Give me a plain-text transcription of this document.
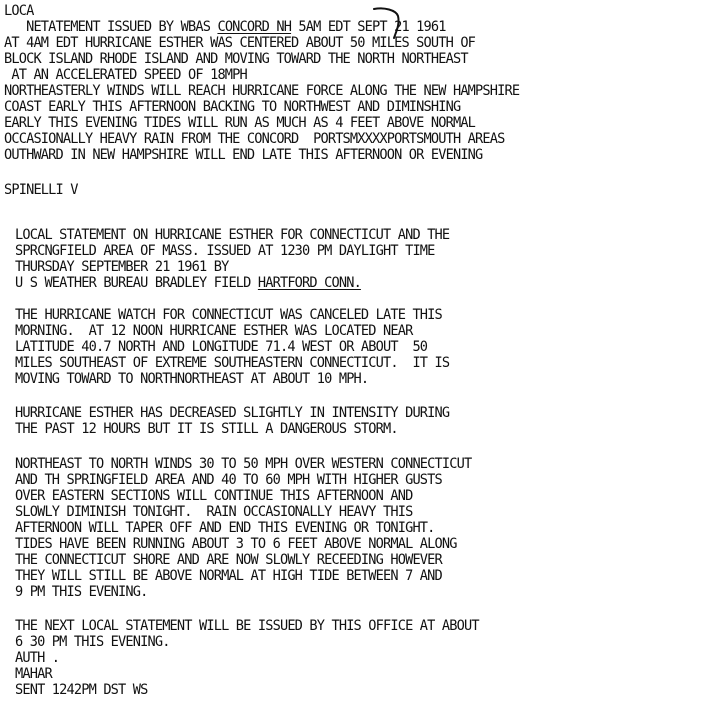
LOCA
NETATEMENT ISSUED BY WBAS CONCORD NH 5AM EDT SEPT 21 1961
AT 4AM EDT HURRICANE ESTHER WAS CENTERED ABOUT 50 MILES SOUTH OF
BLOCK ISLAND RHODE ISLAND AND MOVING TOWARD THE NORTH NORTHEAST
AT AN ACCELERATED SPEED OF 18MPH
NORTHEASTERLY WINDS WILL REACH HURRICANE FORCE ALONG THE NEW HAMPSHIRE
COAST EARLY THIS AFTERNOON BACKING TO NORTHWEST AND DIMINSHING
EARLY THIS EVENING TIDES WILL RUN AS MUCH AS 4 FEET ABOVE NORMAL
OCCASIONALLY HEAVY RAIN FROM THE CONCORD  PORTSMXXXXPORTSMOUTH AREAS
OUTHWARD IN NEW HAMPSHIRE WILL END LATE THIS AFTERNOON OR EVENING
SPINELLI V
LOCAL STATEMENT ON HURRICANE ESTHER FOR CONNECTICUT AND THE
SPRCNGFIELD AREA OF MASS. ISSUED AT 1230 PM DAYLIGHT TIME
THURSDAY SEPTEMBER 21 1961 BY
U S WEATHER BUREAU BRADLEY FIELD HARTFORD CONN.
THE HURRICANE WATCH FOR CONNECTICUT WAS CANCELED LATE THIS
MORNING.  AT 12 NOON HURRICANE ESTHER WAS LOCATED NEAR
LATITUDE 40.7 NORTH AND LONGITUDE 71.4 WEST OR ABOUT  50
MILES SOUTHEAST OF EXTREME SOUTHEASTERN CONNECTICUT.  IT IS
MOVING TOWARD TO NORTHNORTHEAST AT ABOUT 10 MPH.
HURRICANE ESTHER HAS DECREASED SLIGHTLY IN INTENSITY DURING
THE PAST 12 HOURS BUT IT IS STILL A DANGEROUS STORM.
NORTHEAST TO NORTH WINDS 30 TO 50 MPH OVER WESTERN CONNECTICUT
AND TH SPRINGFIELD AREA AND 40 TO 60 MPH WITH HIGHER GUSTS
OVER EASTERN SECTIONS WILL CONTINUE THIS AFTERNOON AND
SLOWLY DIMINISH TONIGHT.  RAIN OCCASIONALLY HEAVY THIS
AFTERNOON WILL TAPER OFF AND END THIS EVENING OR TONIGHT.
TIDES HAVE BEEN RUNNING ABOUT 3 TO 6 FEET ABOVE NORMAL ALONG
THE CONNECTICUT SHORE AND ARE NOW SLOWLY RECEEDING HOWEVER
THEY WILL STILL BE ABOVE NORMAL AT HIGH TIDE BETWEEN 7 AND
9 PM THIS EVENING.
THE NEXT LOCAL STATEMENT WILL BE ISSUED BY THIS OFFICE AT ABOUT
6 30 PM THIS EVENING.
AUTH .
MAHAR
SENT 1242PM DST WS
